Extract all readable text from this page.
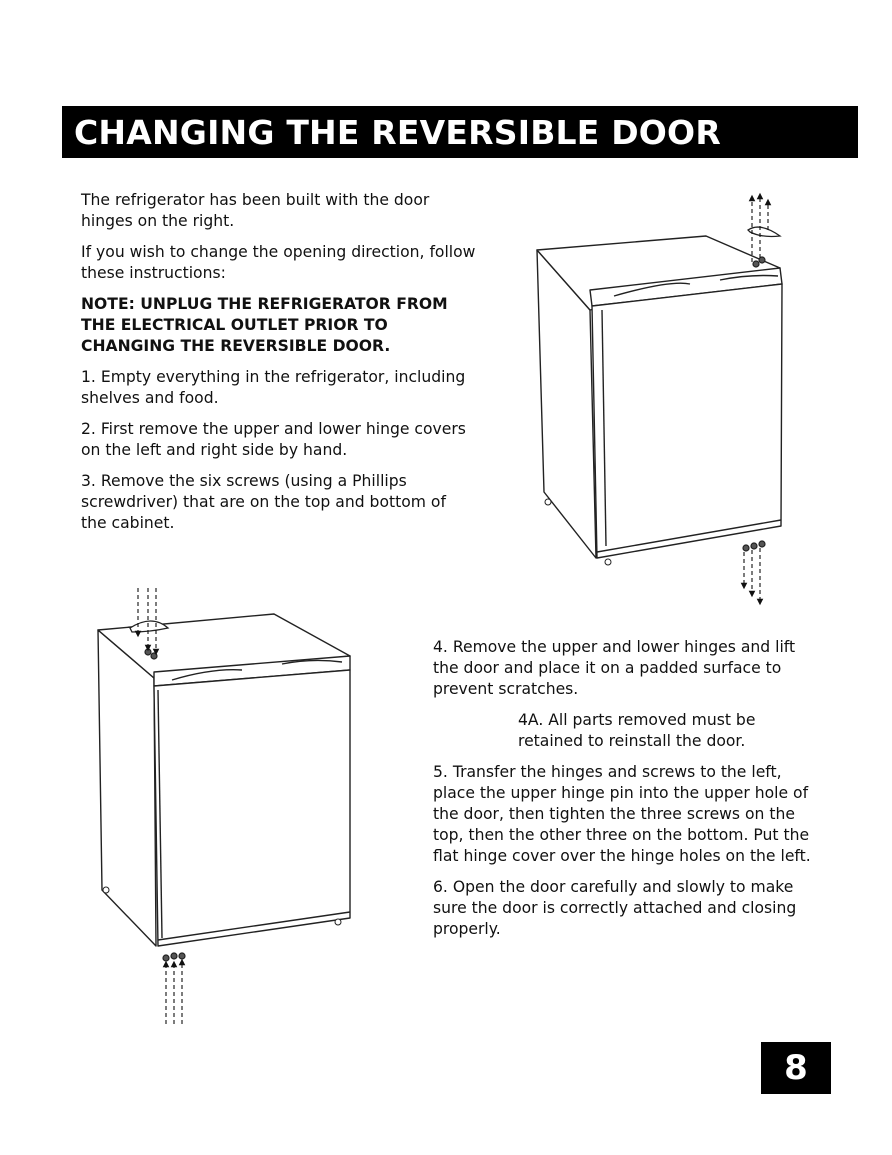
CHANGING THE REVERSIBLE DOOR

The refrigerator has been built with the door hinges on the right.

If you wish to change the opening direction, follow these instructions:

NOTE: UNPLUG THE REFRIGERATOR FROM THE ELECTRICAL OUTLET PRIOR TO CHANGING THE REVERSIBLE DOOR.

1. Empty everything in the refrigerator, including shelves and food.

2. First remove the upper and lower hinge covers on the left and right side by hand.

3. Remove the six screws (using a Phillips screwdriver) that are on the top and bottom of the cabinet.

4. Remove the upper and lower hinges and lift the door and place it on a padded surface to prevent scratches.

4A. All parts removed must be retained to reinstall the door.

5. Transfer the hinges and screws to the left, place the upper hinge pin into the upper hole of the door, then tighten the three screws on the top, then the other three on the bottom. Put the flat hinge cover over the hinge holes on the left.

6. Open the door carefully and slowly to make sure the door is correctly attached and closing properly.

8
